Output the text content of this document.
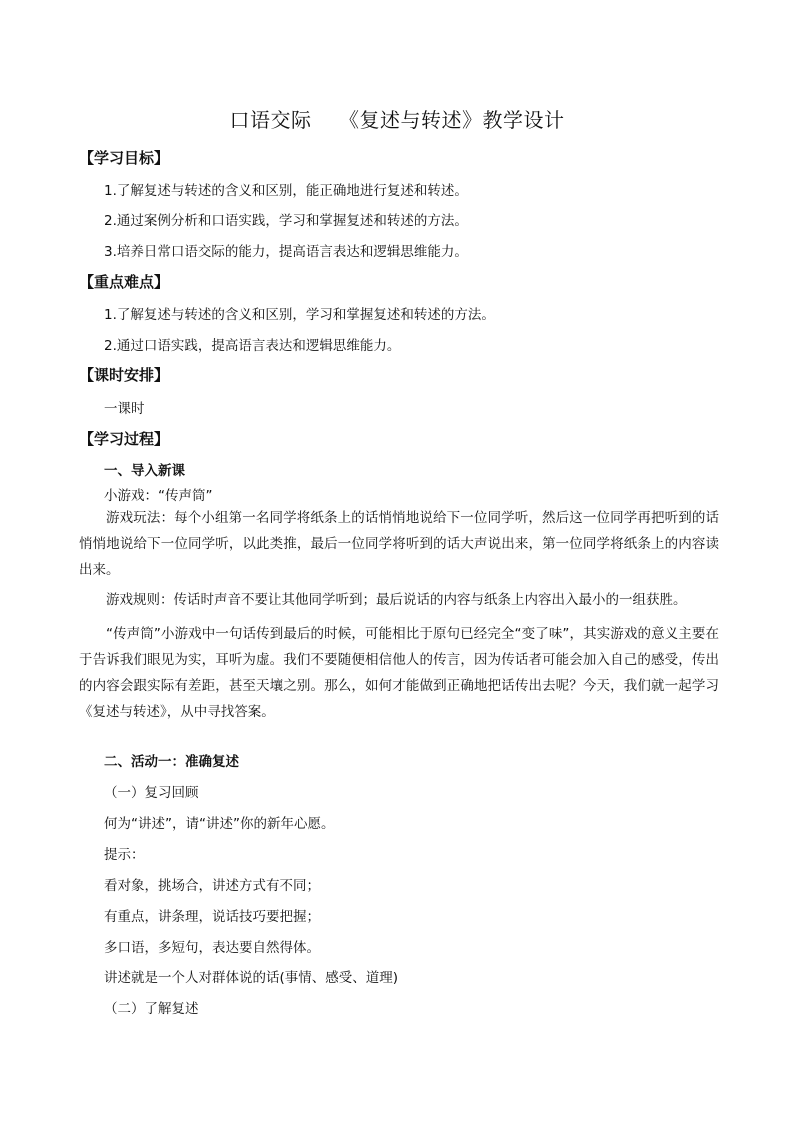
口语交际    《复述与转述》教学设计
【学习目标】
1.了解复述与转述的含义和区别，能正确地进行复述和转述。
2.通过案例分析和口语实践，学习和掌握复述和转述的方法。
3.培养日常口语交际的能力，提高语言表达和逻辑思维能力。
【重点难点】
1.了解复述与转述的含义和区别，学习和掌握复述和转述的方法。
2.通过口语实践，提高语言表达和逻辑思维能力。
【课时安排】
一课时
【学习过程】
一、导入新课
小游戏：“传声筒”
游戏玩法：每个小组第一名同学将纸条上的话悄悄地说给下一位同学听，然后这一位同学再把听到的话悄悄地说给下一位同学听，以此类推，最后一位同学将听到的话大声说出来，第一位同学将纸条上的内容读出来。
游戏规则：传话时声音不要让其他同学听到；最后说话的内容与纸条上内容出入最小的一组获胜。
“传声筒”小游戏中一句话传到最后的时候，可能相比于原句已经完全“变了味”，其实游戏的意义主要在于告诉我们眼见为实，耳听为虚。我们不要随便相信他人的传言，因为传话者可能会加入自己的感受，传出的内容会跟实际有差距，甚至天壤之别。那么，如何才能做到正确地把话传出去呢？今天，我们就一起学习《复述与转述》，从中寻找答案。
二、活动一：准确复述
（一）复习回顾
何为“讲述”，请“讲述”你的新年心愿。
提示：
看对象，挑场合，讲述方式有不同；
有重点，讲条理，说话技巧要把握；
多口语，多短句，表达要自然得体。
讲述就是一个人对群体说的话(事情、感受、道理)
（二）了解复述
